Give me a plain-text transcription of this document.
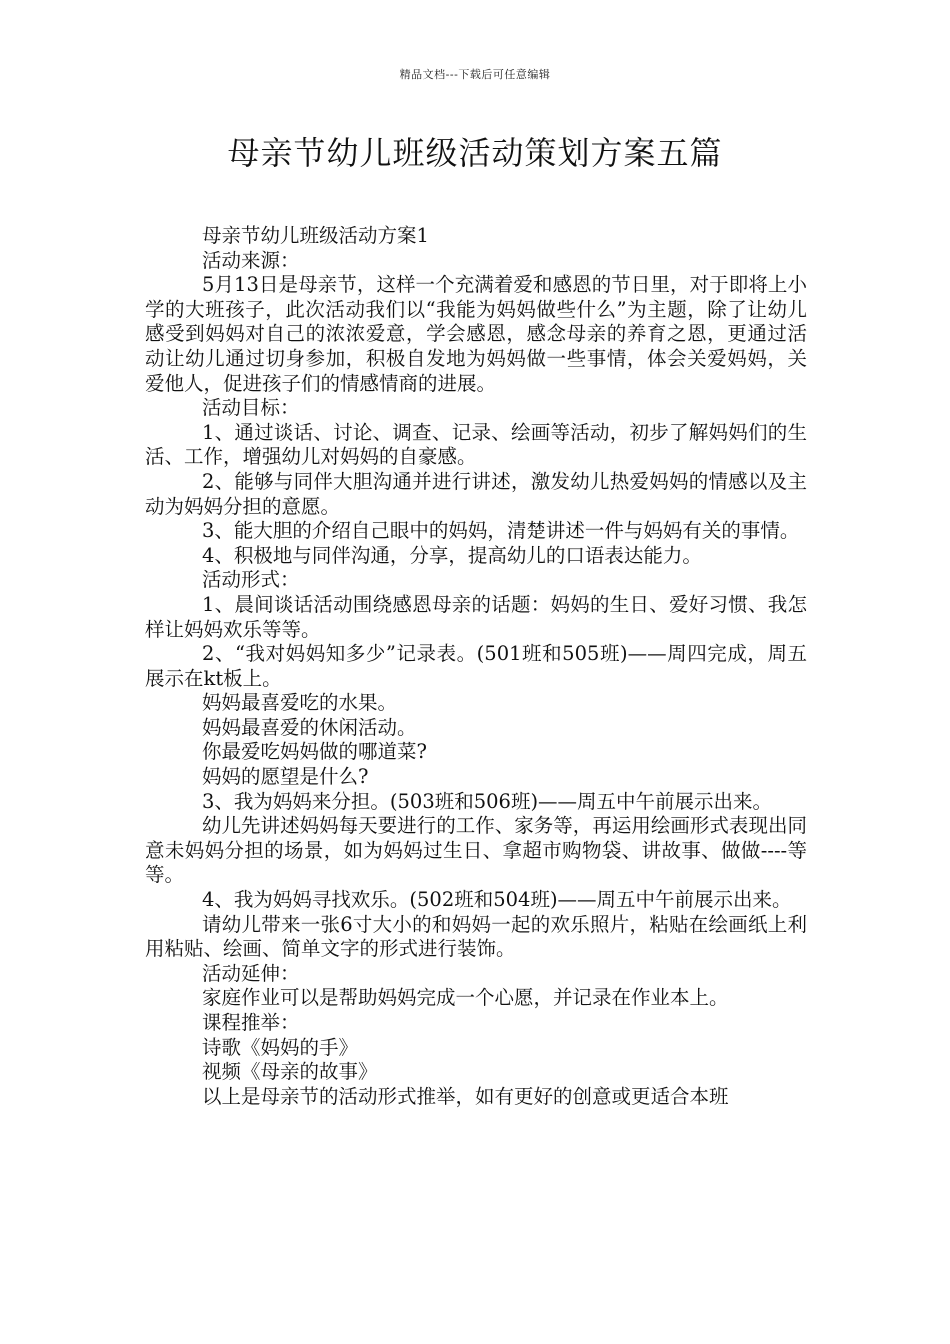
精品文档---下载后可任意编辑
母亲节幼儿班级活动策划方案五篇

母亲节幼儿班级活动方案1

活动来源：

5月13日是母亲节，这样一个充满着爱和感恩的节日里，对于即将上小学的大班孩子，此次活动我们以“我能为妈妈做些什么”为主题，除了让幼儿感受到妈妈对自己的浓浓爱意，学会感恩，感念母亲的养育之恩，更通过活动让幼儿通过切身参加，积极自发地为妈妈做一些事情，体会关爱妈妈，关爱他人，促进孩子们的情感情商的进展。

活动目标：

1、通过谈话、讨论、调查、记录、绘画等活动，初步了解妈妈们的生活、工作，增强幼儿对妈妈的自豪感。

2、能够与同伴大胆沟通并进行讲述，激发幼儿热爱妈妈的情感以及主动为妈妈分担的意愿。

3、能大胆的介绍自己眼中的妈妈，清楚讲述一件与妈妈有关的事情。

4、积极地与同伴沟通，分享，提高幼儿的口语表达能力。

活动形式：

1、晨间谈话活动围绕感恩母亲的话题：妈妈的生日、爱好习惯、我怎样让妈妈欢乐等等。

2、“我对妈妈知多少”记录表。(501班和505班)——周四完成，周五展示在kt板上。

妈妈最喜爱吃的水果。

妈妈最喜爱的休闲活动。

你最爱吃妈妈做的哪道菜?

妈妈的愿望是什么?

3、我为妈妈来分担。(503班和506班)——周五中午前展示出来。

幼儿先讲述妈妈每天要进行的工作、家务等，再运用绘画形式表现出同意未妈妈分担的场景，如为妈妈过生日、拿超市购物袋、讲故事、做做----等等。

4、我为妈妈寻找欢乐。(502班和504班)——周五中午前展示出来。

请幼儿带来一张6寸大小的和妈妈一起的欢乐照片，粘贴在绘画纸上利用粘贴、绘画、简单文字的形式进行装饰。

活动延伸：

家庭作业可以是帮助妈妈完成一个心愿，并记录在作业本上。

课程推举：

诗歌《妈妈的手》

视频《母亲的故事》

以上是母亲节的活动形式推举，如有更好的创意或更适合本班
